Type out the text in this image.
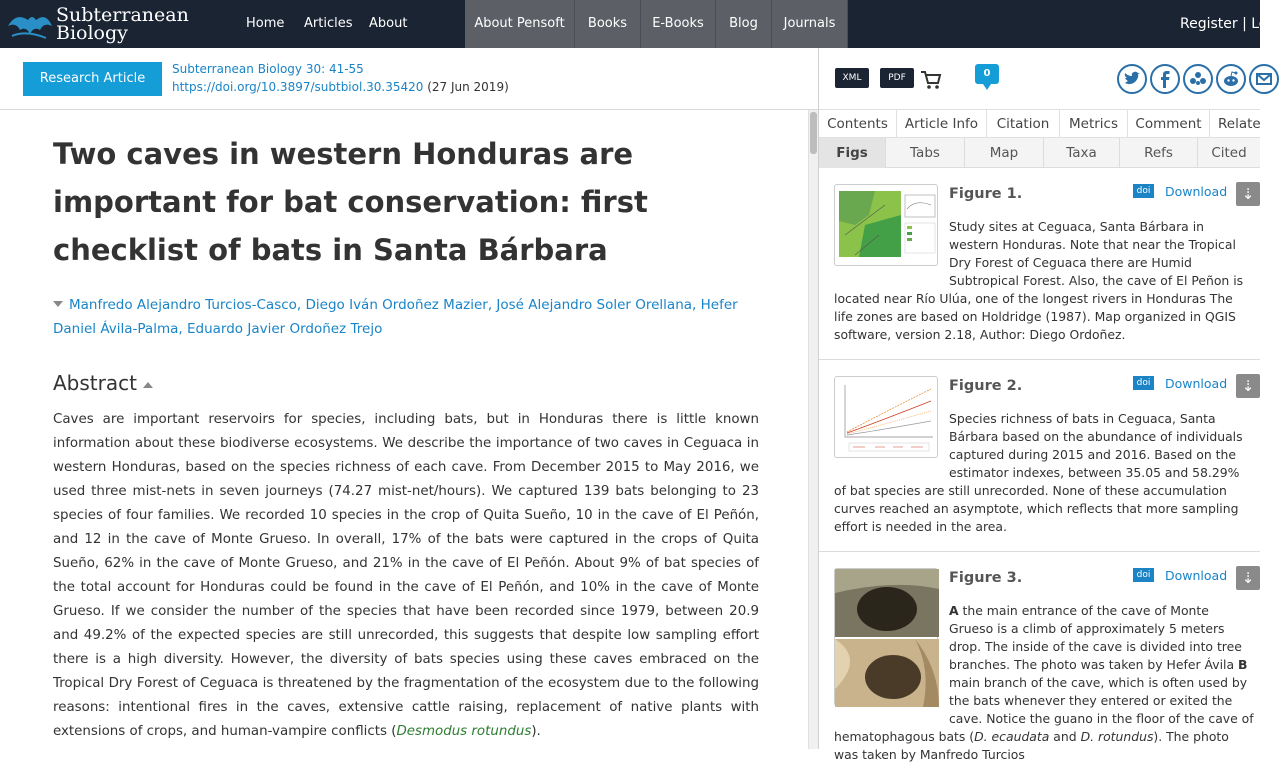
Subterranean
Biology	Home Articles About	About Pensoft	Books	E-Books	Blog	Journals	Register | Lo
Research Article
Subterranean Biology 30: 41-55
https://doi.org/10.3897/subtbiol.30.35420 (27 Jun 2019)
Two caves in western Honduras are important for bat conservation: first checklist of bats in Santa Bárbara
Manfredo Alejandro Turcios-Casco, Diego Iván Ordoñez Mazier, José Alejandro Soler Orellana, Hefer Daniel Ávila-Palma, Eduardo Javier Ordoñez Trejo
Abstract

Caves are important reservoirs for species, including bats, but in Honduras there is little known information about these biodiverse ecosystems. We describe the importance of two caves in Ceguaca in western Honduras, based on the species richness of each cave. From December 2015 to May 2016, we used three mist-nets in seven journeys (74.27 mist-net/hours). We captured 139 bats belonging to 23 species of four families. We recorded 10 species in the crop of Quita Sueño, 10 in the cave of El Peñón, and 12 in the cave of Monte Grueso. In overall, 17% of the bats were captured in the crops of Quita Sueño, 62% in the cave of Monte Grueso, and 21% in the cave of El Peñón. About 9% of bat species of the total account for Honduras could be found in the cave of El Peñón, and 10% in the cave of Monte Grueso. If we consider the number of the species that have been recorded since 1979, between 20.9 and 49.2% of the expected species are still unrecorded, this suggests that despite low sampling effort there is a high diversity. However, the diversity of bats species using these caves embraced on the Tropical Dry Forest of Ceguaca is threatened by the fragmentation of the ecosystem due to the following reasons: intentional fires in the caves, extensive cattle raising, replacement of native plants with extensions of crops, and human-vampire conflicts (Desmodus rotundus).

XML	PDF	0
Contents	Article Info	Citation	Metrics	Comment	Relate
Figs	Tabs	Map	Taxa	Refs	Cited
Figure 1.	doi Download ⇣
Study sites at Ceguaca, Santa Bárbara in western Honduras. Note that near the Tropical Dry Forest of Ceguaca there are Humid Subtropical Forest. Also, the cave of El Peñon is located near Río Ulúa, one of the longest rivers in Honduras The life zones are based on Holdridge (1987). Map organized in QGIS software, version 2.18, Author: Diego Ordoñez.
Figure 2.	doi Download ⇣
Species richness of bats in Ceguaca, Santa Bárbara based on the abundance of individuals captured during 2015 and 2016. Based on the estimator indexes, between 35.05 and 58.29% of bat species are still unrecorded. None of these accumulation curves reached an asymptote, which reflects that more sampling effort is needed in the area.
Figure 3.	doi Download ⇣
A the main entrance of the cave of Monte Grueso is a climb of approximately 5 meters drop. The inside of the cave is divided into tree branches. The photo was taken by Hefer Ávila B main branch of the cave, which is often used by the bats whenever they entered or exited the cave. Notice the guano in the floor of the cave of hematophagous bats (D. ecaudata and D. rotundus). The photo was taken by Manfredo Turcios
